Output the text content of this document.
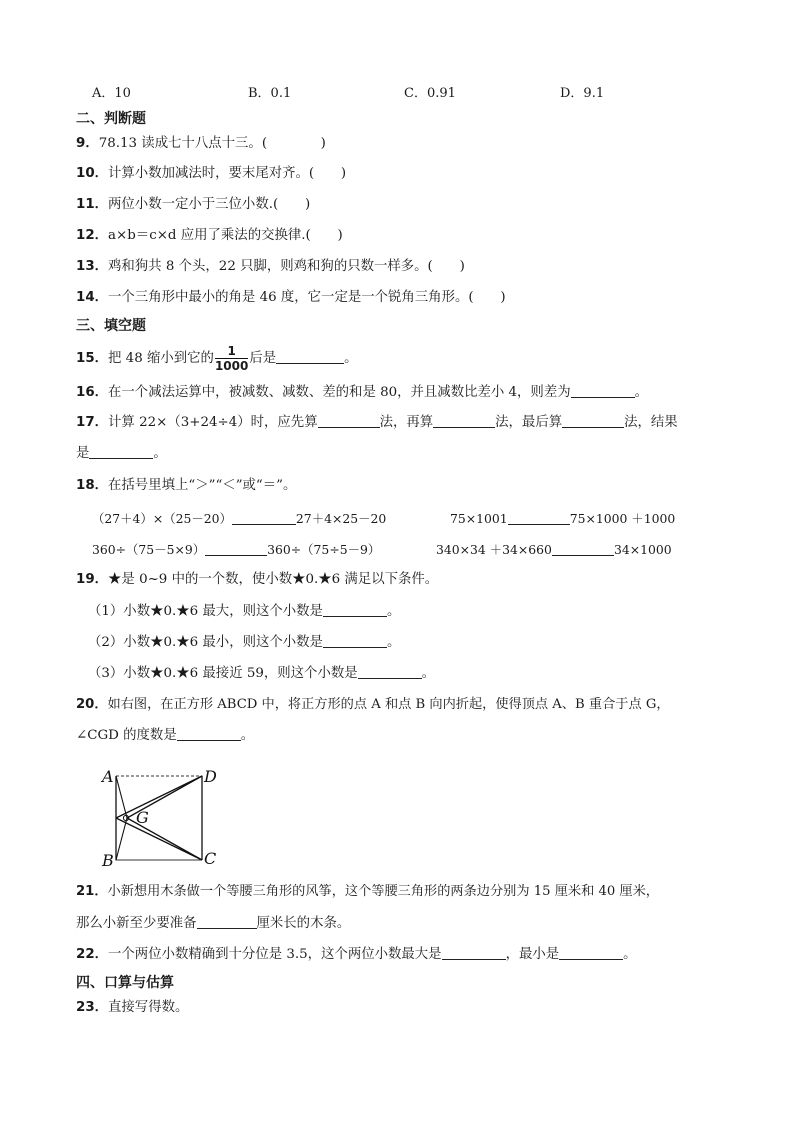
A．10	B．0.1	C．0.91	D．9.1
二、判断题
9．78.13 读成七十八点十三。(　　　　)
10．计算小数加减法时，要末尾对齐。(　　)
11．两位小数一定小于三位小数.(　　)
12．a×b＝c×d 应用了乘法的交换律.(　　)
13．鸡和狗共 8 个头，22 只脚，则鸡和狗的只数一样多。(　　)
14．一个三角形中最小的角是 46 度，它一定是一个锐角三角形。(　　)
三、填空题
15．把 48 缩小到它的 $\frac{1}{1000}$ 后是	。
16．在一个减法运算中，被减数、减数、差的和是 80，并且减数比差小 4，则差为	。
17．计算 22×（3+24÷4）时，应先算	法，再算	法，最后算	法，结果
是	。
18．在括号里填上“＞”“＜”或“＝”。
（27＋4）×（25－20）	27＋4×25－20	75×1001	75×1000 ＋1000
360÷（75－5×9）	360÷（75÷5－9）	340×34 ＋34×660	34×1000
19．★是 0~9 中的一个数，使小数★0.★6 满足以下条件。
（1）小数★0.★6 最大，则这个小数是	。
（2）小数★0.★6 最小，则这个小数是	。
（3）小数★0.★6 最接近 59，则这个小数是	。
20．如右图，在正方形 ABCD 中，将正方形的点 A 和点 B 向内折起，使得顶点 A、B 重合于点 G，
∠CGD 的度数是	。
A
B	C
D
G
21．小新想用木条做一个等腰三角形的风筝，这个等腰三角形的两条边分别为 15 厘米和 40 厘米，
那么小新至少要准备	厘米长的木条。
22．一个两位小数精确到十分位是 3.5，这个两位小数最大是	，最小是	。
四、口算与估算
23．直接写得数。
